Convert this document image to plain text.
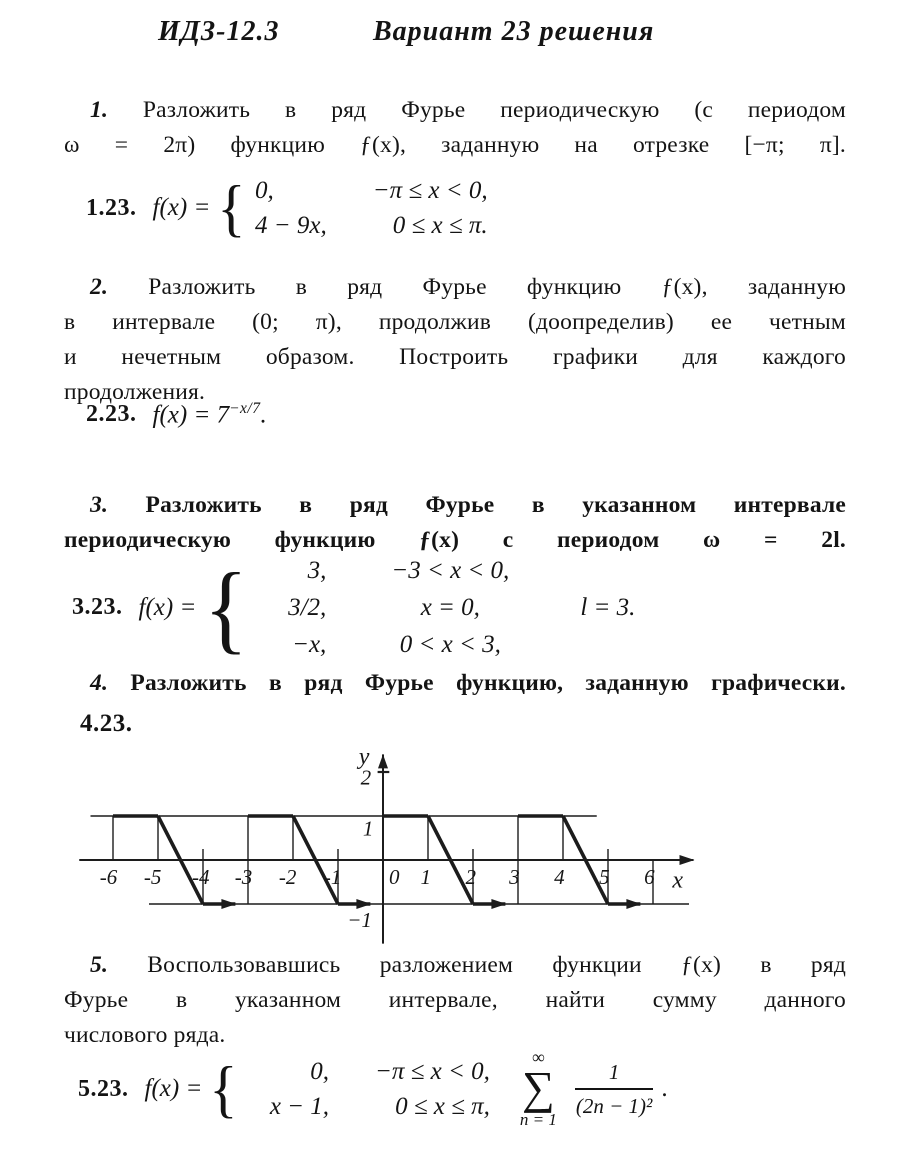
ИДЗ-12.3	Вариант 23 решения
1. Разложить в ряд Фурье периодическую (с периодом
ω = 2π) функцию ƒ(x), заданную на отрезке [−π; π].
1.23. f(x) = { 0,
4 − 9x,
−π ≤ x < 0,
0 ≤ x ≤ π.
2. Разложить в ряд Фурье функцию ƒ(x), заданную
в интервале (0; π), продолжив (доопределив) ее четным
и нечетным образом. Построить графики для каждого
продолжения.
2.23. $f(x) = 7^{-x/7}$.
3. Разложить в ряд Фурье в указанном интервале
периодическую функцию ƒ(x) с периодом ω = 2l.
3.23. f(x) = { 3,
3/2,
−x,
−3 < x < 0,
x = 0,
0 < x < 3,
l = 3.
4. Разложить в ряд Фурье функцию, заданную графически.
4.23.
y
x
2
1
−1
-6 -5 -4 -3 -2 -1 0 1 2 3 4 5 6
5. Воспользовавшись разложением функции ƒ(x) в ряд
Фурье в указанном интервале, найти сумму данного
числового ряда.
5.23. f(x) = {	0,
x − 1,
−π ≤ x < 0,
0 ≤ x ≤ π,
∞
∑
n = 1
$\frac{1}{\text{(2n − 1)²}}$ .
